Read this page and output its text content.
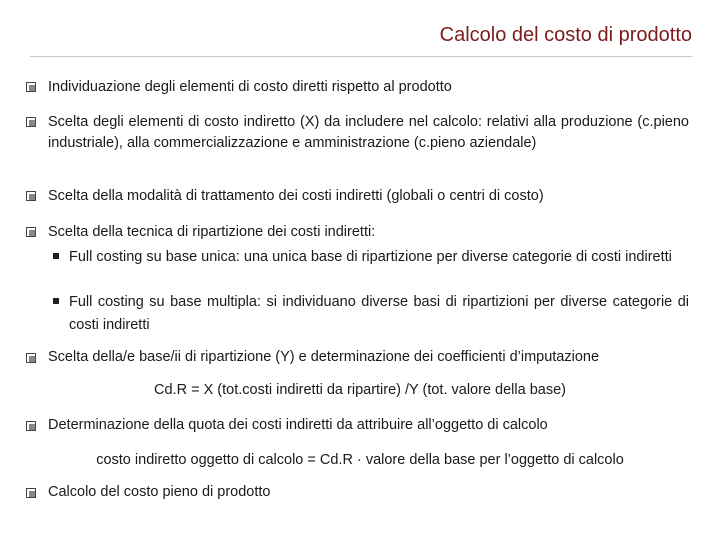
Calcolo del costo di prodotto
Individuazione degli elementi di costo diretti rispetto al prodotto
Scelta degli elementi di costo indiretto (X) da includere nel calcolo: relativi alla produzione (c.pieno industriale), alla commercializzazione e amministrazione (c.pieno aziendale)
Scelta della modalità di trattamento dei costi indiretti (globali o centri di costo)
Scelta della tecnica di ripartizione dei costi indiretti:
Full costing su base unica: una unica base di ripartizione per diverse categorie di costi indiretti
Full costing su base multipla: si individuano diverse basi di ripartizioni per diverse categorie di costi indiretti
Scelta della/e base/ii di ripartizione (Y) e determinazione dei coefficienti d’imputazione
Cd.R = X (tot.costi indiretti da ripartire) /Y (tot. valore della base)
Determinazione della quota dei costi indiretti da attribuire all’oggetto di calcolo
costo indiretto oggetto di calcolo = Cd.R · valore della base per l’oggetto di calcolo
Calcolo del costo pieno di prodotto
